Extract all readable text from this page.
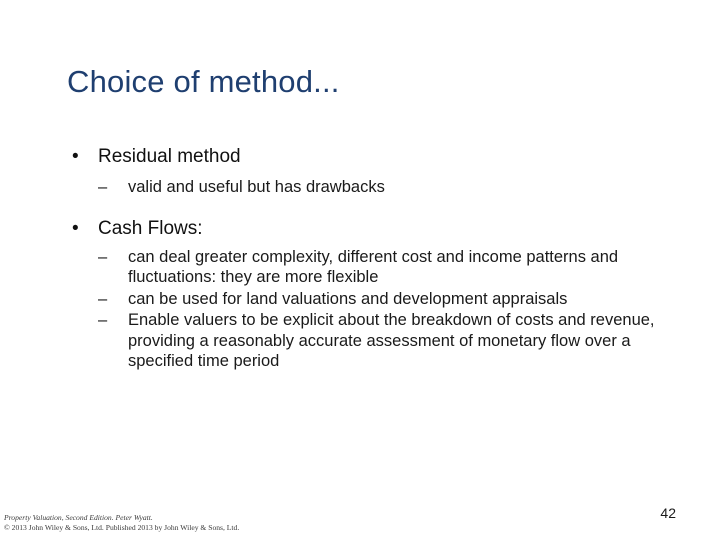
Choice of method...
• Residual method
– valid and useful but has drawbacks
• Cash Flows:
– can deal greater complexity, different cost and income patterns and fluctuations: they are more flexible
– can be used for land valuations and development appraisals
– Enable valuers to be explicit about the breakdown of costs and revenue, providing a reasonably accurate assessment of monetary flow over a specified time period
42
Property Valuation, Second Edition. Peter Wyatt.
© 2013 John Wiley & Sons, Ltd. Published 2013 by John Wiley & Sons, Ltd.
